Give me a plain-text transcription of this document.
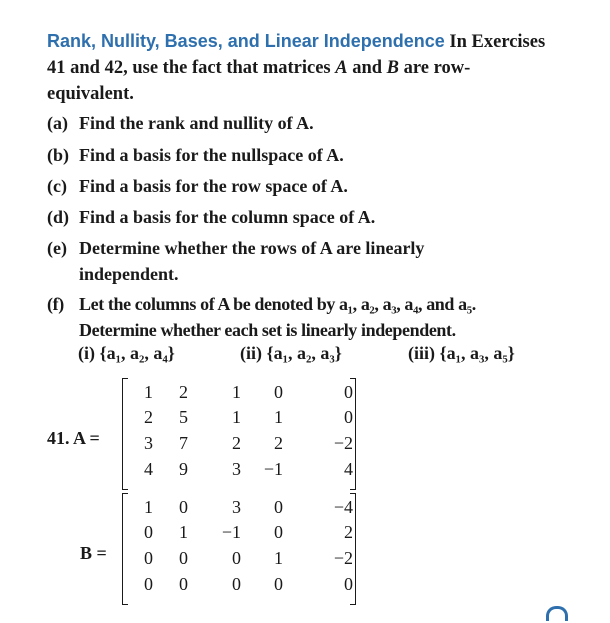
Rank, Nullity, Bases, and Linear Independence In Exercises 41 and 42, use the fact that matrices A and B are row-equivalent.
(a) Find the rank and nullity of A.
(b) Find a basis for the nullspace of A.
(c) Find a basis for the row space of A.
(d) Find a basis for the column space of A.
(e) Determine whether the rows of A are linearly
independent.
(f) Let the columns of A be denoted by a₁, a₂, a₃, a₄, and a₅.
Determine whether each set is linearly independent.
(i) {a₁, a₂, a₄}	(ii) {a₁, a₂, a₃}	(iii) {a₁, a₃, a₅}
41. A =
1	2	1	0	0
2	5	1	1	0
3	7	2	2	−2
4	9	3	−1	4
B =
1	0	3	0	−4
0	1	−1	0	2
0	0	0	1	−2
0	0	0	0	0
